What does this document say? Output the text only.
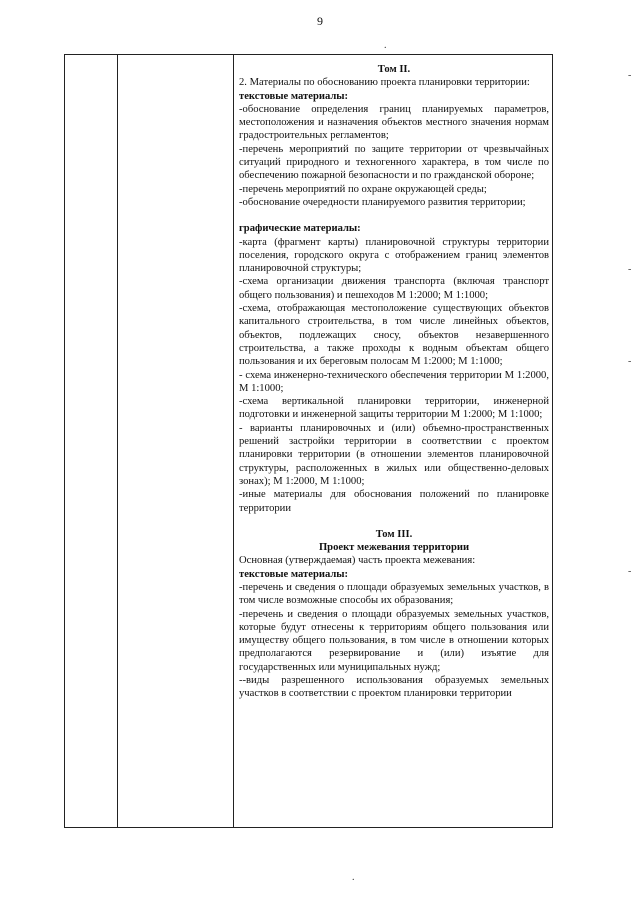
9
.
-
-
-
-
.

Том II.

2. Материалы по обоснованию проекта планировки территории:

текстовые материалы:

-обоснование определения границ планируемых параметров, местоположения и назначения объектов местного значения нормам градостроительных регламентов;

-перечень мероприятий по защите территории от чрезвычайных ситуаций природного и техногенного характера, в том числе по обеспечению пожарной безопасности и по гражданской обороне;

-перечень мероприятий по охране окружающей среды;

-обоснование очередности планируемого развития территории;

графические материалы:

-карта (фрагмент карты) планировочной структуры территории поселения, городского округа с отображением границ элементов планировочной структуры;

-схема организации движения транспорта (включая транспорт общего пользования) и пешеходов М 1:2000; М 1:1000;

-схема, отображающая местоположение существующих объектов капитального строительства, в том числе линейных объектов, объектов, подлежащих сносу, объектов незавершенного строительства, а также проходы к водным объектам общего пользования и их береговым полосам М 1:2000; М 1:1000;

- схема инженерно-технического обеспечения территории М 1:2000, М 1:1000;

-схема вертикальной планировки территории, инженерной подготовки и инженерной защиты территории М 1:2000; М 1:1000;

- варианты планировочных и (или) объемно-пространственных решений застройки территории в соответствии с проектом планировки территории (в отношении элементов планировочной структуры, расположенных в жилых или общественно-деловых зонах); М 1:2000, М 1:1000;

-иные материалы для обоснования положений по планировке территории

Том III.

Проект межевания территории

Основная (утверждаемая) часть проекта межевания:

текстовые материалы:

-перечень и сведения о площади образуемых земельных участков, в том числе возможные способы их образования;

-перечень и сведения о площади образуемых земельных участков, которые будут отнесены к территориям общего пользования или имуществу общего пользования, в том числе в отношении которых предполагаются резервирование и (или) изъятие для государственных или муниципальных нужд;

--виды разрешенного использования образуемых земельных участков в соответствии с проектом планировки территории
